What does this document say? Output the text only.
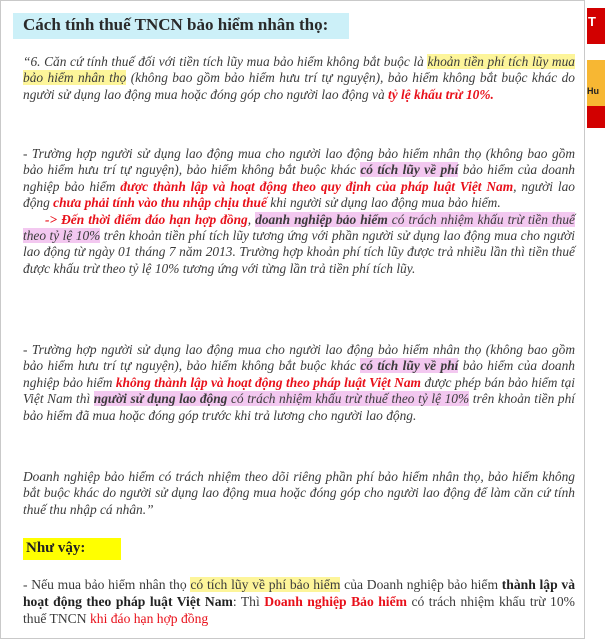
Cách tính thuế TNCN bảo hiểm nhân thọ:
“6. Căn cứ tính thuế đối với tiền tích lũy mua bảo hiểm không bắt buộc là khoản tiền phí tích lũy mua bảo hiểm nhân thọ (không bao gồm bảo hiểm hưu trí tự nguyện), bảo hiểm không bắt buộc khác do người sử dụng lao động mua hoặc đóng góp cho người lao động và tỷ lệ khấu trừ 10%.
- Trường hợp người sử dụng lao động mua cho người lao động bảo hiểm nhân thọ (không bao gồm bảo hiểm hưu trí tự nguyện), bảo hiểm không bắt buộc khác có tích lũy về phí bảo hiểm của doanh nghiệp bảo hiểm được thành lập và hoạt động theo quy định của pháp luật Việt Nam, người lao động chưa phải tính vào thu nhập chịu thuế khi người sử dụng lao động mua bảo hiểm.
-> Đến thời điểm đáo hạn hợp đồng, doanh nghiệp bảo hiểm có trách nhiệm khấu trừ tiền thuế theo tỷ lệ 10% trên khoản tiền phí tích lũy tương ứng với phần người sử dụng lao động mua cho người lao động từ ngày 01 tháng 7 năm 2013. Trường hợp khoản phí tích lũy được trả nhiều lần thì tiền thuế được khấu trừ theo tỷ lệ 10% tương ứng với từng lần trả tiền phí tích lũy.
- Trường hợp người sử dụng lao động mua cho người lao động bảo hiểm nhân thọ (không bao gồm bảo hiểm hưu trí tự nguyện), bảo hiểm không bắt buộc khác có tích lũy về phí bảo hiểm của doanh nghiệp bảo hiểm không thành lập và hoạt động theo pháp luật Việt Nam được phép bán bảo hiểm tại Việt Nam thì người sử dụng lao động có trách nhiệm khấu trừ thuế theo tỷ lệ 10% trên khoản tiền phí bảo hiểm đã mua hoặc đóng góp trước khi trả lương cho người lao động.
Doanh nghiệp bảo hiểm có trách nhiệm theo dõi riêng phần phí bảo hiểm nhân thọ, bảo hiểm không bắt buộc khác do người sử dụng lao động mua hoặc đóng góp cho người lao động để làm căn cứ tính thuế thu nhập cá nhân.”
Như vậy:
- Nếu mua bảo hiểm nhân thọ có tích lũy về phí bảo hiểm của Doanh nghiệp bảo hiểm thành lập và hoạt động theo pháp luật Việt Nam: Thì Doanh nghiệp Bảo hiểm có trách nhiệm khấu trừ 10% thuế TNCN khi đáo hạn hợp đồng
T
Hu
